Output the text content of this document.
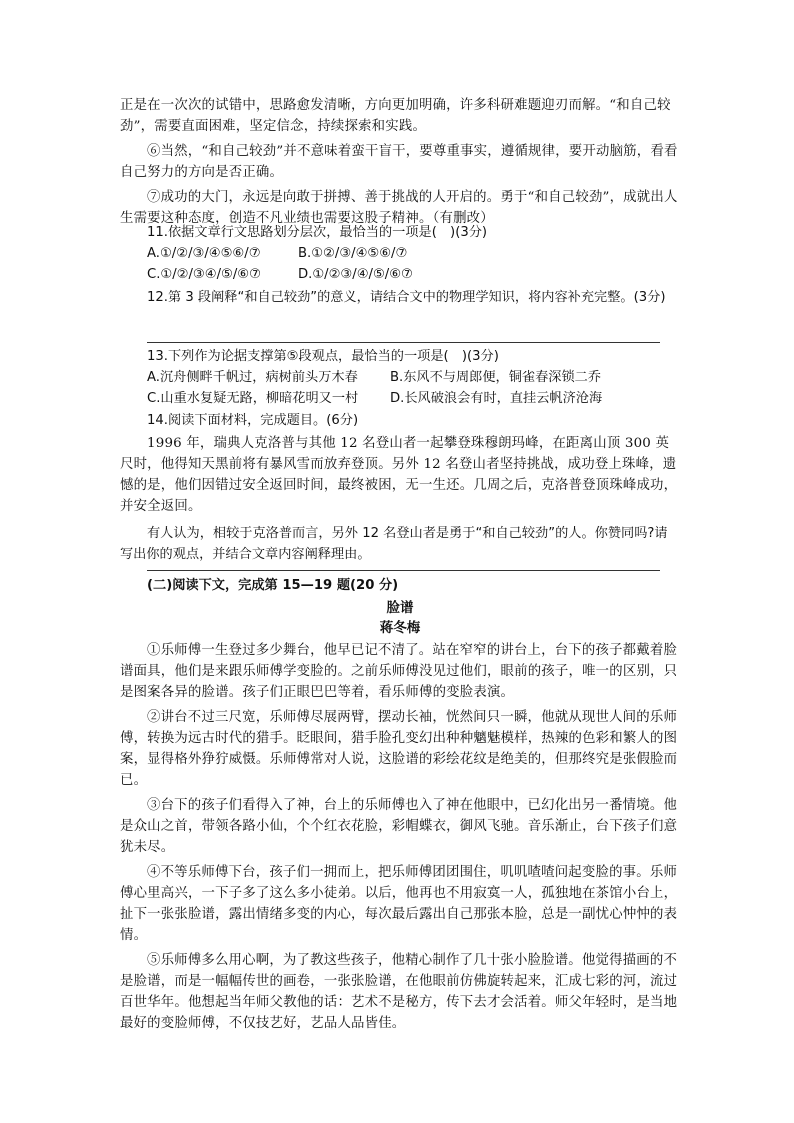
正是在一次次的试错中，思路愈发清晰，方向更加明确，许多科研难题迎刃而解。“和自己较劲”，需要直面困难，坚定信念，持续探索和实践。

⑥当然，“和自己较劲”并不意味着蛮干盲干，要尊重事实，遵循规律，要开动脑筋，看看自己努力的方向是否正确。

⑦成功的大门，永远是向敢于拼搏、善于挑战的人开启的。勇于“和自己较劲”，成就出人生需要这种态度，创造不凡业绩也需要这股子精神。（有删改）

11.依据文章行文思路划分层次，最恰当的一项是(　)(3分)

A.①/②/③/④⑤⑥/⑦	B.①②/③/④⑤⑥/⑦
C.①/②/③④/⑤/⑥⑦	D.①/②③/④/⑤/⑥⑦

12.第 3 段阐释“和自己较劲”的意义，请结合文中的物理学知识，将内容补充完整。(3分)

13.下列作为论据支撑第⑤段观点，最恰当的一项是(　)(3分)

A.沉舟侧畔千帆过，病树前头万木春 B.东风不与周郎便，铜雀春深锁二乔
C.山重水复疑无路，柳暗花明又一村 D.长风破浪会有时，直挂云帆济沧海

14.阅读下面材料，完成题目。(6分)

1996 年，瑞典人克洛普与其他 12 名登山者一起攀登珠穆朗玛峰，在距离山顶 300 英尺时，他得知天黑前将有暴风雪而放弃登顶。另外 12 名登山者坚持挑战，成功登上珠峰，遗憾的是，他们因错过安全返回时间，最终被困，无一生还。几周之后，克洛普登顶珠峰成功，并安全返回。

有人认为，相较于克洛普而言，另外 12 名登山者是勇于“和自己较劲”的人。你赞同吗?请写出你的观点，并结合文章内容阐释理由。

(二)阅读下文，完成第 15—19 题(20 分)
脸谱
蒋冬梅

①乐师傅一生登过多少舞台，他早已记不清了。站在窄窄的讲台上，台下的孩子都戴着脸谱面具，他们是来跟乐师傅学变脸的。之前乐师傅没见过他们，眼前的孩子，唯一的区别，只是图案各异的脸谱。孩子们正眼巴巴等着，看乐师傅的变脸表演。

②讲台不过三尺宽，乐师傅尽展两臂，摆动长袖，恍然间只一瞬，他就从现世人间的乐师傅，转换为远古时代的猎手。眨眼间，猎手脸孔变幻出种种魑魅模样，热辣的色彩和繁人的图案，显得格外狰狞威慑。乐师傅常对人说，这脸谱的彩绘花纹是绝美的，但那终究是张假脸而已。

③台下的孩子们看得入了神，台上的乐师傅也入了神在他眼中，已幻化出另一番情境。他是众山之首，带领各路小仙，个个红衣花脸，彩帽蝶衣，御风飞驰。音乐渐止，台下孩子们意犹未尽。

④不等乐师傅下台，孩子们一拥而上，把乐师傅团团围住，叽叽喳喳问起变脸的事。乐师傅心里高兴，一下子多了这么多小徒弟。以后，他再也不用寂寞一人，孤独地在茶馆小台上，扯下一张张脸谱，露出情绪多变的内心，每次最后露出自己那张本脸，总是一副忧心忡忡的表情。

⑤乐师傅多么用心啊，为了教这些孩子，他精心制作了几十张小脸脸谱。他觉得描画的不是脸谱，而是一幅幅传世的画卷，一张张脸谱，在他眼前仿佛旋转起来，汇成七彩的河，流过百世华年。他想起当年师父教他的话：艺术不是秘方，传下去才会活着。师父年轻时，是当地最好的变脸师傅，不仅技艺好，艺品人品皆佳。
